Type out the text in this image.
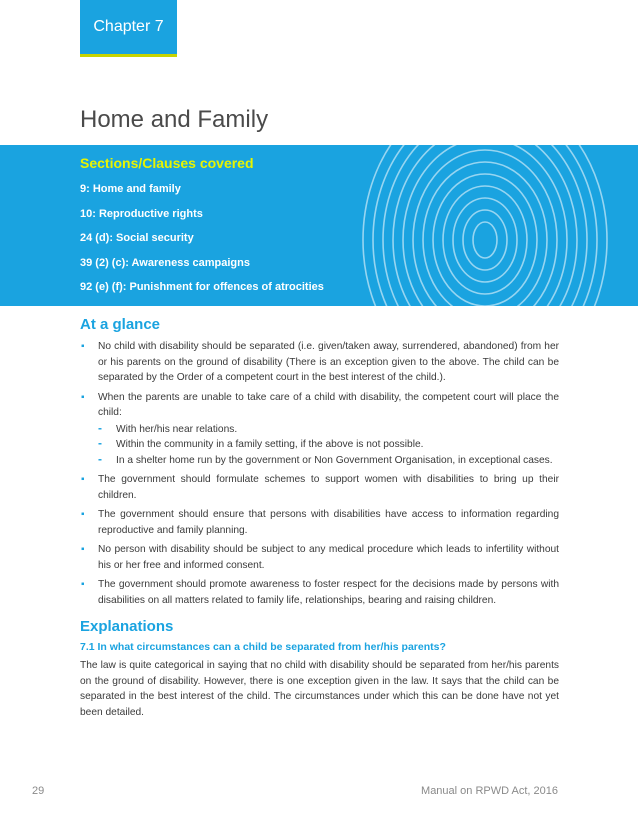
Chapter 7
Home and Family
Sections/Clauses covered
9: Home and family
10: Reproductive rights
24 (d): Social security
39 (2) (c): Awareness campaigns
92 (e) (f): Punishment for offences of atrocities
At a glance
▪ No child with disability should be separated (i.e. given/taken away, surrendered, abandoned) from her or his parents on the ground of disability (There is an exception given to the above. The child can be separated by the Order of a competent court in the best interest of the child.).
▪ When the parents are unable to take care of a child with disability, the competent court will place the child:
- With her/his near relations.
- Within the community in a family setting, if the above is not possible.
- In a shelter home run by the government or Non Government Organisation, in exceptional cases.
▪ The government should formulate schemes to support women with disabilities to bring up their children.
▪ The government should ensure that persons with disabilities have access to information regarding reproductive and family planning.
▪ No person with disability should be subject to any medical procedure which leads to infertility without his or her free and informed consent.
▪ The government should promote awareness to foster respect for the decisions made by persons with disabilities on all matters related to family life, relationships, bearing and raising children.
Explanations
7.1 In what circumstances can a child be separated from her/his parents?

The law is quite categorical in saying that no child with disability should be separated from her/his parents on the ground of disability. However, there is one exception given in the law. It says that the child can be separated in the best interest of the child. The circumstances under which this can be done have not yet been detailed.

29	Manual on RPWD Act, 2016
